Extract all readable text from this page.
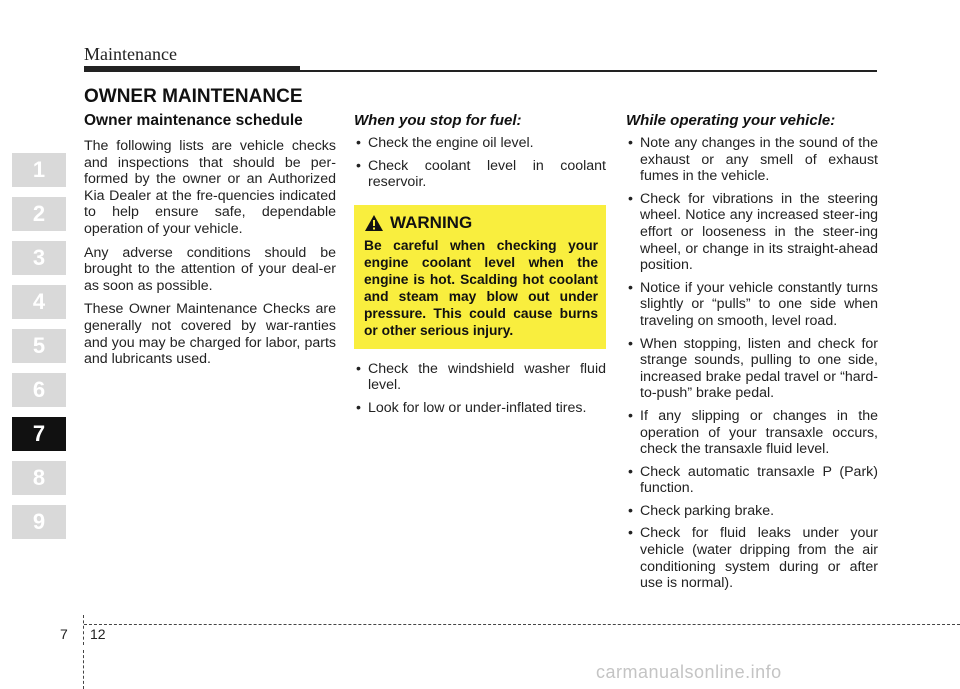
Maintenance
OWNER MAINTENANCE
1
2
3
4
5
6
7
8
9
Owner maintenance schedule

The following lists are vehicle checks and inspections that should be per-formed by the owner or an Authorized Kia Dealer at the fre-quencies indicated to help ensure safe, dependable operation of your vehicle.

Any adverse conditions should be brought to the attention of your deal-er as soon as possible.

These Owner Maintenance Checks are generally not covered by war-ranties and you may be charged for labor, parts and lubricants used.

When you stop for fuel:
• Check the engine oil level.
• Check coolant level in coolant reservoir.
WARNING
Be careful when checking your engine coolant level when the engine is hot. Scalding hot coolant and steam may blow out under pressure. This could cause burns or other serious injury.
• Check the windshield washer fluid level.
• Look for low or under-inflated tires.
While operating your vehicle:
• Note any changes in the sound of the exhaust or any smell of exhaust fumes in the vehicle.
• Check for vibrations in the steering wheel. Notice any increased steer-ing effort or looseness in the steer-ing wheel, or change in its straight-ahead position.
• Notice if your vehicle constantly turns slightly or “pulls” to one side when traveling on smooth, level road.
• When stopping, listen and check for strange sounds, pulling to one side, increased brake pedal travel or “hard-to-push” brake pedal.
• If any slipping or changes in the operation of your transaxle occurs, check the transaxle fluid level.
• Check automatic transaxle P (Park) function.
• Check parking brake.
• Check for fluid leaks under your vehicle (water dripping from the air conditioning system during or after use is normal).
7 12
carmanualsonline.info
